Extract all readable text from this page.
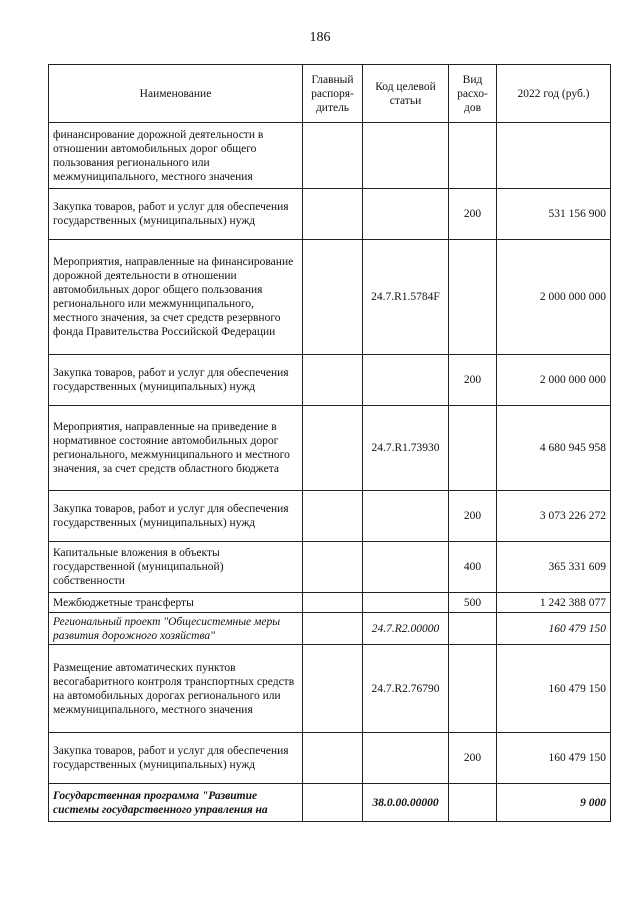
186
Наименование	Главный распоря-дитель	Код целевой статьи	Вид расхо-дов	2022 год (руб.)
финансирование дорожной деятельности в отношении автомобильных дорог общего пользования регионального или межмуниципального, местного значения				
Закупка товаров, работ и услуг для обеспечения государственных (муниципальных) нужд			200	531 156 900
Мероприятия, направленные на финансирование дорожной деятельности в отношении автомобильных дорог общего пользования регионального или межмуниципального, местного значения, за счет средств резервного фонда Правительства Российской Федерации		24.7.R1.5784F		2 000 000 000
Закупка товаров, работ и услуг для обеспечения государственных (муниципальных) нужд			200	2 000 000 000
Мероприятия, направленные на приведение в нормативное состояние автомобильных дорог регионального, межмуниципального и местного значения, за счет средств областного бюджета		24.7.R1.73930		4 680 945 958
Закупка товаров, работ и услуг для обеспечения государственных (муниципальных) нужд			200	3 073 226 272
Капитальные вложения в объекты государственной (муниципальной) собственности			400	365 331 609
Межбюджетные трансферты			500	1 242 388 077
Региональный проект "Общесистемные меры развития дорожного хозяйства"		24.7.R2.00000		160 479 150
Размещение автоматических пунктов весогабаритного контроля транспортных средств на автомобильных дорогах регионального или межмуниципального, местного значения		24.7.R2.76790		160 479 150
Закупка товаров, работ и услуг для обеспечения государственных (муниципальных) нужд			200	160 479 150
Государственная программа "Развитие системы государственного управления на		38.0.00.00000		9 000
